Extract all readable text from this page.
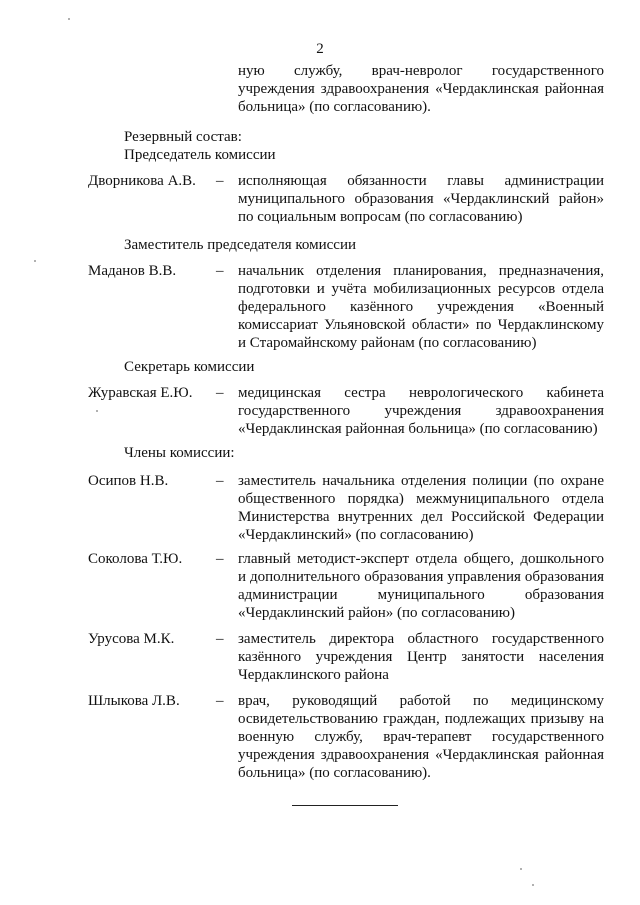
2
ную службу, врач-невролог государственного учреждения здравоохранения «Чердаклинская районная больница» (по согласованию).
Резервный состав:
Председатель комиссии
Дворникова А.В.	– исполняющая обязанности главы администрации муниципального образования «Чердаклинский район» по социальным вопросам (по согласованию)
Заместитель председателя комиссии
Маданов В.В.	– начальник отделения планирования, предназначения, подготовки и учёта мобилизационных ресурсов отдела федерального казённого учреждения «Военный комиссариат Ульяновской области» по Чердаклинскому и Старомайнскому районам (по согласованию)
Секретарь комиссии
Журавская Е.Ю.	– медицинская сестра неврологического кабинета государственного учреждения здравоохранения «Чердаклинская районная больница» (по согласованию)
Члены комиссии:
Осипов Н.В.	– заместитель начальника отделения полиции (по охране общественного порядка) межмуниципального отдела Министерства внутренних дел Российской Федерации «Чердаклинский» (по согласованию)
Соколова Т.Ю.	– главный методист-эксперт отдела общего, дошкольного и дополнительного образования управления образования администрации муниципального образования «Чердаклинский район» (по согласованию)
Урусова М.К.	– заместитель директора областного государственного казённого учреждения Центр занятости населения Чердаклинского района
Шлыкова Л.В.	– врач, руководящий работой по медицинскому освидетельствованию граждан, подлежащих призыву на военную службу, врач-терапевт государственного учреждения здравоохранения «Чердаклинская районная больница» (по согласованию).
